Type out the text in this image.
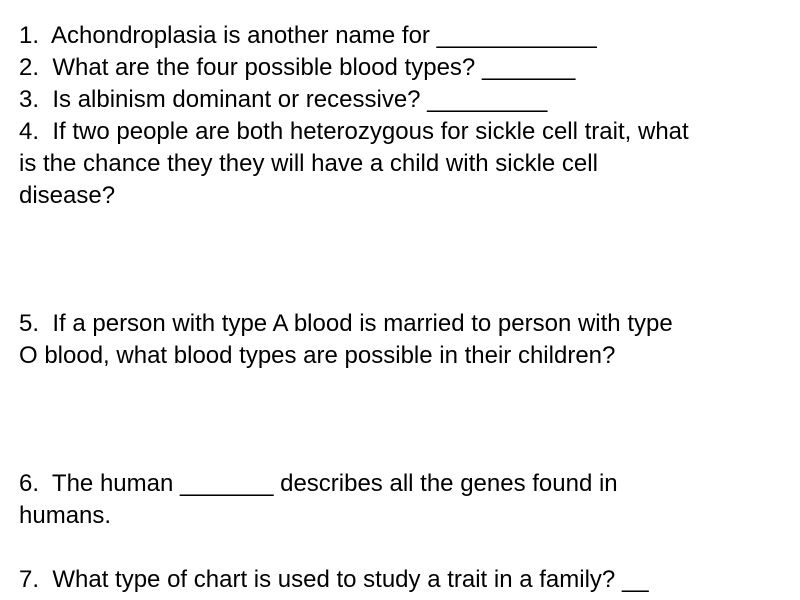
1.  Achondroplasia is another name for ____________
2.  What are the four possible blood types? _______
3.  Is albinism dominant or recessive? _________
4.  If two people are both heterozygous for sickle cell trait, what
is the chance they they will have a child with sickle cell
disease?
5.  If a person with type A blood is married to person with type
O blood, what blood types are possible in their children?
6.  The human _______ describes all the genes found in
humans.
7.  What type of chart is used to study a trait in a family? __
